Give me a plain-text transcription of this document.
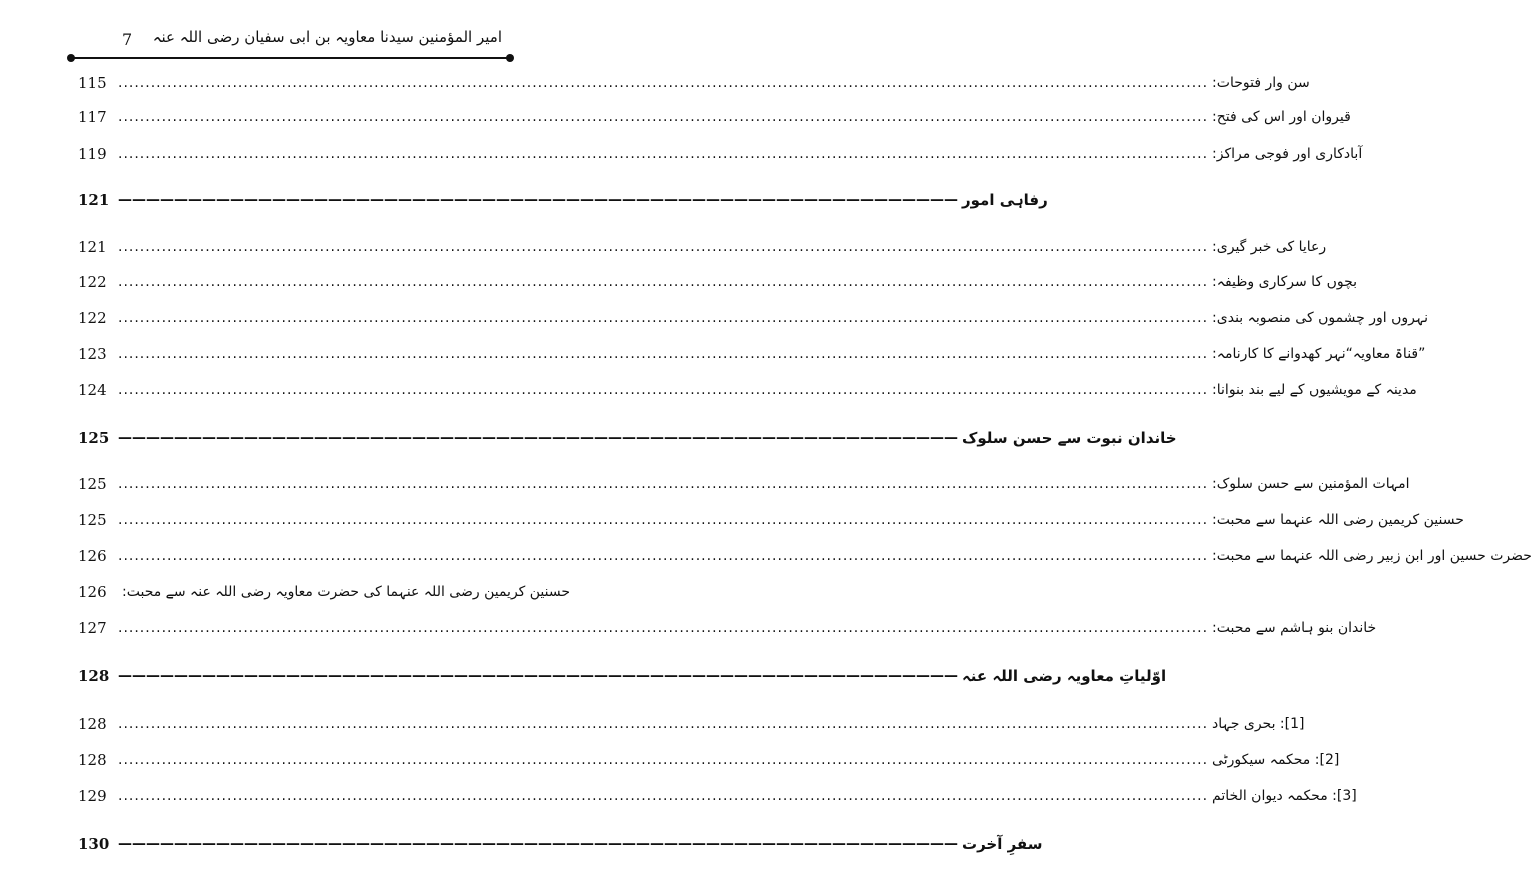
7 امیر المؤمنین سیدنا معاویہ بن ابی سفیان رضی اللہ عنہ
115 ........................................................................................................................................................................................................ سن وار فتوحات:
117 ........................................................................................................................................................................................................ قیروان اور اس کی فتح:
119 ........................................................................................................................................................................................................ آبادکاری اور فوجی مراکز:
121 ———————————————————————————————————————————————————————————— رفاہی امور
121 ........................................................................................................................................................................................................ رعایا کی خبر گیری:
122 ........................................................................................................................................................................................................ بچوں کا سرکاری وظیفہ:
122 ........................................................................................................................................................................................................ نہروں اور چشموں کی منصوبہ بندی:
123 ........................................................................................................................................................................................................ ”قناۃ معاویہ“نہر کھدوانے کا کارنامہ:
124 ........................................................................................................................................................................................................ مدینہ کے مویشیوں کے لیے بند بنوانا:
125 ———————————————————————————————————————————————————————————— خاندان نبوت سے حسن سلوک
125 ........................................................................................................................................................................................................ امہات المؤمنین سے حسن سلوک:
125 ........................................................................................................................................................................................................ حسنین کریمین رضی اللہ عنہما سے محبت:
126 ........................................................................................................................................................................................................ حضرت حسین اور ابن زبیر رضی اللہ عنہما سے محبت:
126	حسنین کریمین رضی اللہ عنہما کی حضرت معاویہ رضی اللہ عنہ سے محبت:
127 ........................................................................................................................................................................................................ خاندان بنو ہاشم سے محبت:
128 ———————————————————————————————————————————————————————————— اوّلیاتِ معاویہ رضی اللہ عنہ
128 ........................................................................................................................................................................................................ [1]: بحری جہاد
128 ........................................................................................................................................................................................................ [2]: محکمہ سیکورٹی
129 ........................................................................................................................................................................................................ [3]: محکمہ دیوان الخاتم
130 ———————————————————————————————————————————————————————————— سفرِ آخرت
